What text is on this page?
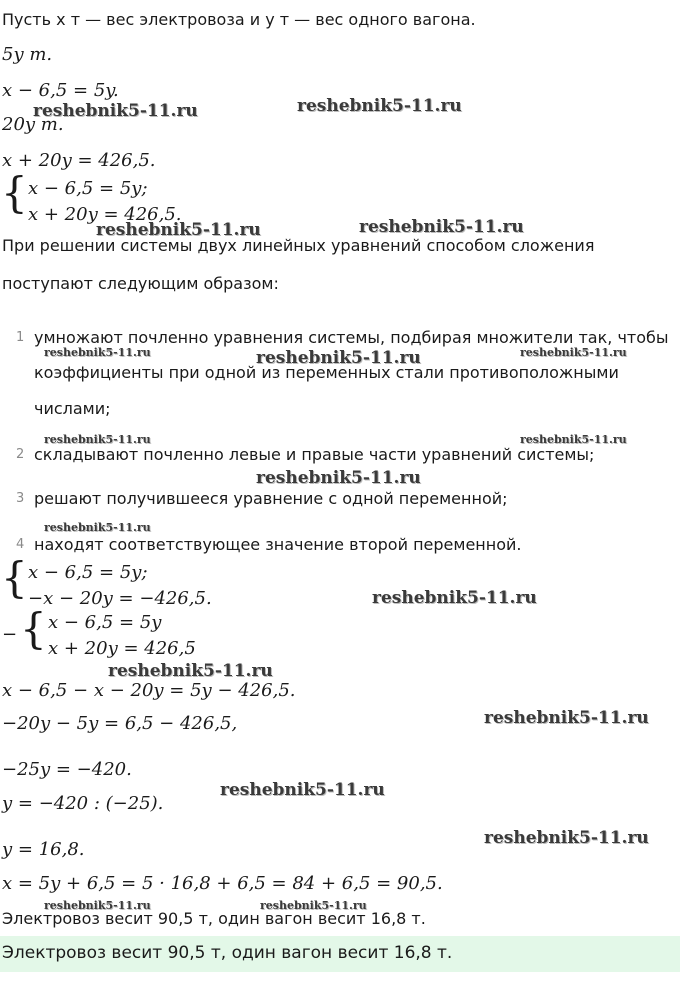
Пусть x т — вес электровоза и y т — вес одного вагона.
5y т.
x − 6,5 = 5y.
20y т.
x + 20y = 426,5.
{ x − 6,5 = 5y;
x + 20y = 426,5.
При решении системы двух линейных уравнений способом сложения
поступают следующим образом:
1 умножают почленно уравнения системы, подбирая множители так, чтобы
коэффициенты при одной из переменных стали противоположными
числами;
2 складывают почленно левые и правые части уравнений системы;
3 решают получившееся уравнение с одной переменной;
4 находят соответствующее значение второй переменной.
{ x − 6,5 = 5y;
−x − 20y = −426,5.
− { x − 6,5 = 5y
x + 20y = 426,5
x − 6,5 − x − 20y = 5y − 426,5.
−20y − 5y = 6,5 − 426,5,
−25y = −420.
y = −420 : (−25).
y = 16,8.
x = 5y + 6,5 = 5 · 16,8 + 6,5 = 84 + 6,5 = 90,5.
Электровоз весит 90,5 т, один вагон весит 16,8 т.
Электровоз весит 90,5 т, один вагон весит 16,8 т.
reshebnik5-11.ru	reshebnik5-11.ru
reshebnik5-11.ru	reshebnik5-11.ru
reshebnik5-11.ru	reshebnik5-11.ru	reshebnik5-11.ru
reshebnik5-11.ru	reshebnik5-11.ru
reshebnik5-11.ru
reshebnik5-11.ru
reshebnik5-11.ru
reshebnik5-11.ru
reshebnik5-11.ru
reshebnik5-11.ru
reshebnik5-11.ru
reshebnik5-11.ru	reshebnik5-11.ru
